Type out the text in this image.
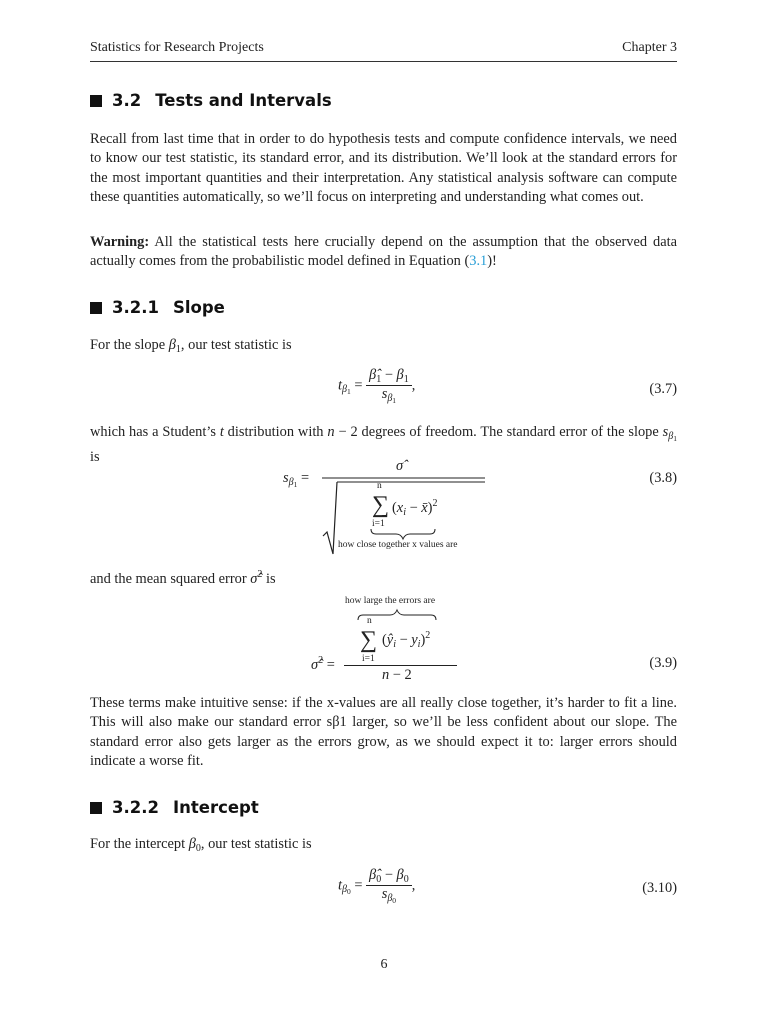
Statistics for Research Projects	Chapter 3
3.2 Tests and Intervals

Recall from last time that in order to do hypothesis tests and compute confidence intervals, we need to know our test statistic, its standard error, and its distribution. We’ll look at the standard errors for the most important quantities and their interpretation. Any statistical analysis software can compute these quantities automatically, so we’ll focus on interpreting and understanding what comes out.

Warning: All the statistical tests here crucially depend on the assumption that the observed data actually comes from the probabilistic model defined in Equation (3.1)!

3.2.1 Slope

For the slope $\beta_1$, our test statistic is

$t_{\beta_1} = \frac{\betâ_1 - \beta_1}{s_{\beta_1}}$ ,	(3.7)

which has a Student’s t distribution with n − 2 degrees of freedom. The standard error of the slope $s_{\beta_1}$ is

$s_{\beta_1}$ =
σ̂
n
∑
i=1
($x_i$ − x̄)$^2$
how close together x values are
(3.8)

and the mean squared error σ̂$^2$ is

how large the errors are
n
∑
i=1
$(ŷ_i - y_i)^2$
σ̂$^2$ =
n − 2
(3.9)

These terms make intuitive sense: if the x-values are all really close together, it’s harder to fit a line. This will also make our standard error sβ1 larger, so we’ll be less confident about our slope. The standard error also gets larger as the errors grow, as we should expect it to: larger errors should indicate a worse fit.

3.2.2 Intercept

For the intercept $\beta_0$, our test statistic is

$t_{\beta_0} = \frac{\betâ_0 - \beta_0}{s_{\beta_0}}$ ,	(3.10)
6
